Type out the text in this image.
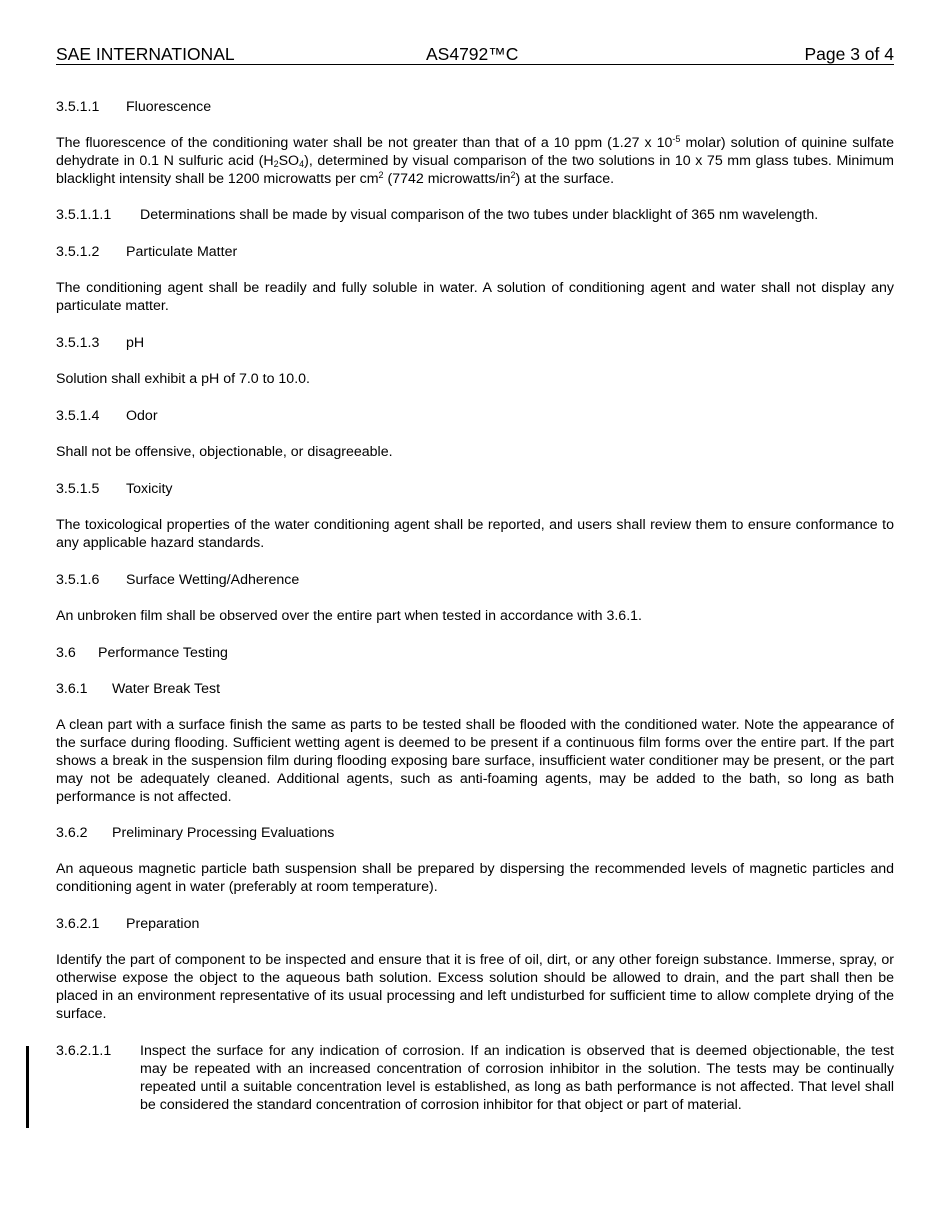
SAE INTERNATIONAL	AS4792™C	Page 3 of 4
3.5.1.1 Fluorescence
The fluorescence of the conditioning water shall be not greater than that of a 10 ppm (1.27 x $10^{-5}$ molar) solution of quinine sulfate dehydrate in 0.1 N sulfuric acid $(H_2SO_4)$, determined by visual comparison of the two solutions in 10 x 75 mm glass tubes. Minimum blacklight intensity shall be 1200 microwatts per $cm^2$ (7742 microwatts/$in^2$) at the surface.
3.5.1.1.1 Determinations shall be made by visual comparison of the two tubes under blacklight of 365 nm wavelength.
3.5.1.2 Particulate Matter
The conditioning agent shall be readily and fully soluble in water. A solution of conditioning agent and water shall not display any particulate matter.
3.5.1.3 pH
Solution shall exhibit a pH of 7.0 to 10.0.
3.5.1.4 Odor
Shall not be offensive, objectionable, or disagreeable.
3.5.1.5 Toxicity
The toxicological properties of the water conditioning agent shall be reported, and users shall review them to ensure conformance to any applicable hazard standards.
3.5.1.6 Surface Wetting/Adherence
An unbroken film shall be observed over the entire part when tested in accordance with 3.6.1.
3.6 Performance Testing
3.6.1 Water Break Test
A clean part with a surface finish the same as parts to be tested shall be flooded with the conditioned water. Note the appearance of the surface during flooding. Sufficient wetting agent is deemed to be present if a continuous film forms over the entire part. If the part shows a break in the suspension film during flooding exposing bare surface, insufficient water conditioner may be present, or the part may not be adequately cleaned. Additional agents, such as anti-foaming agents, may be added to the bath, so long as bath performance is not affected.
3.6.2 Preliminary Processing Evaluations
An aqueous magnetic particle bath suspension shall be prepared by dispersing the recommended levels of magnetic particles and conditioning agent in water (preferably at room temperature).
3.6.2.1 Preparation
Identify the part of component to be inspected and ensure that it is free of oil, dirt, or any other foreign substance. Immerse, spray, or otherwise expose the object to the aqueous bath solution. Excess solution should be allowed to drain, and the part shall then be placed in an environment representative of its usual processing and left undisturbed for sufficient time to allow complete drying of the surface.
3.6.2.1.1 Inspect the surface for any indication of corrosion. If an indication is observed that is deemed objectionable, the test may be repeated with an increased concentration of corrosion inhibitor in the solution. The tests may be continually repeated until a suitable concentration level is established, as long as bath performance is not affected. That level shall be considered the standard concentration of corrosion inhibitor for that object or part of material.
